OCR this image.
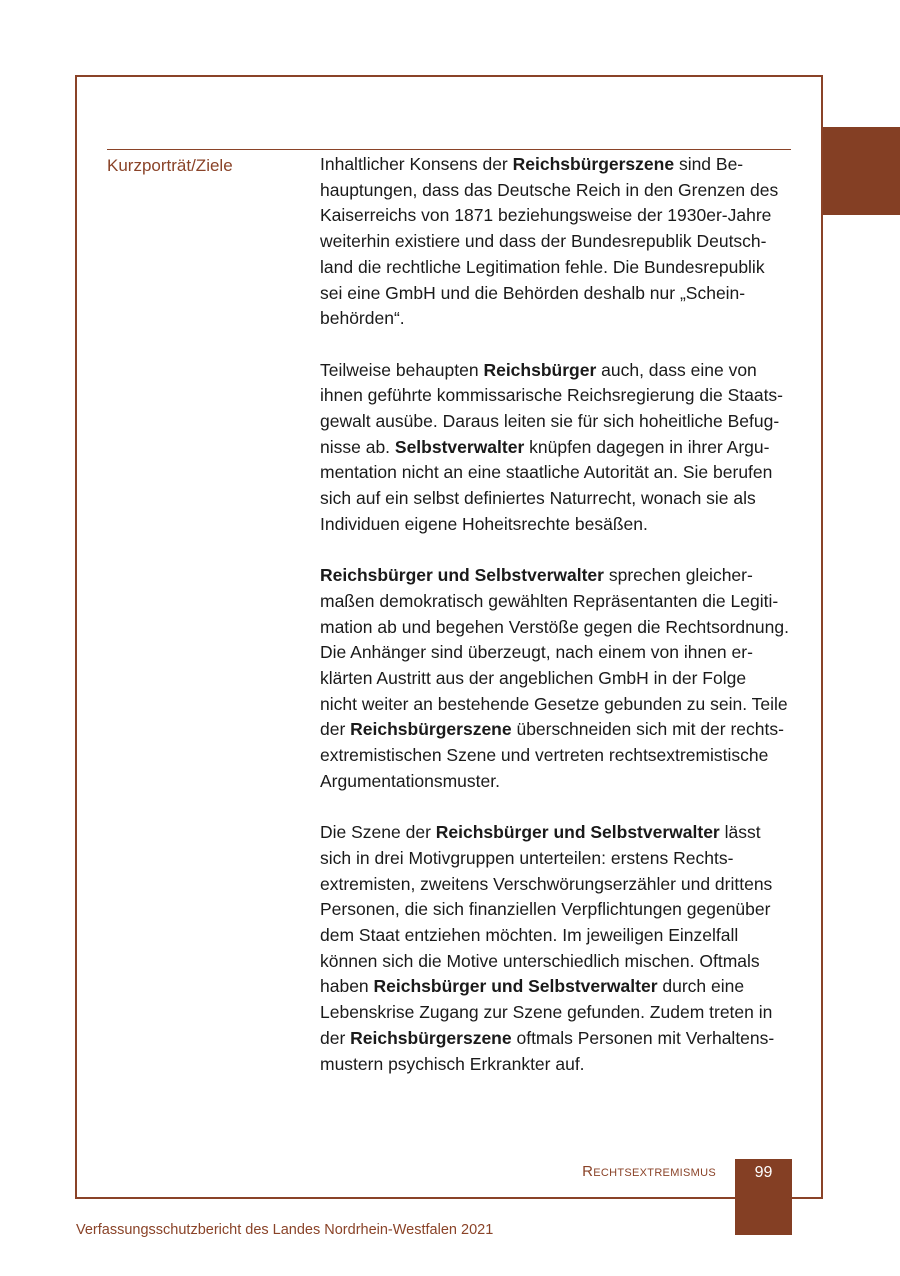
Kurzporträt/Ziele	Inhaltlicher Konsens der Reichsbürgerszene sind Be-
hauptungen, dass das Deutsche Reich in den Grenzen des
Kaiserreichs von 1871 beziehungsweise der 1930er-Jahre
weiterhin existiere und dass der Bundesrepublik Deutsch-
land die rechtliche Legitimation fehle. Die Bundesrepublik
sei eine GmbH und die Behörden deshalb nur „Schein-
behörden“.

Teilweise behaupten Reichsbürger auch, dass eine von
ihnen geführte kommissarische Reichsregierung die Staats-
gewalt ausübe. Daraus leiten sie für sich hoheitliche Befug-
nisse ab. Selbstverwalter knüpfen dagegen in ihrer Argu-
mentation nicht an eine staatliche Autorität an. Sie berufen
sich auf ein selbst definiertes Naturrecht, wonach sie als
Individuen eigene Hoheitsrechte besäßen.

Reichsbürger und Selbstverwalter sprechen gleicher-
maßen demokratisch gewählten Repräsentanten die Legiti-
mation ab und begehen Verstöße gegen die Rechtsordnung.
Die Anhänger sind überzeugt, nach einem von ihnen er-
klärten Austritt aus der angeblichen GmbH in der Folge
nicht weiter an bestehende Gesetze gebunden zu sein. Teile
der Reichsbürgerszene überschneiden sich mit der rechts-
extremistischen Szene und vertreten rechtsextremistische
Argumentationsmuster.

Die Szene der Reichsbürger und Selbstverwalter lässt
sich in drei Motivgruppen unterteilen: erstens Rechts-
extremisten, zweitens Verschwörungserzähler und drittens
Personen, die sich finanziellen Verpflichtungen gegenüber
dem Staat entziehen möchten. Im jeweiligen Einzelfall
können sich die Motive unterschiedlich mischen. Oftmals
haben Reichsbürger und Selbstverwalter durch eine
Lebenskrise Zugang zur Szene gefunden. Zudem treten in
der Reichsbürgerszene oftmals Personen mit Verhaltens-
mustern psychisch Erkrankter auf.

Rechtsextremismus	99
Verfassungsschutzbericht des Landes Nordrhein-Westfalen 2021
